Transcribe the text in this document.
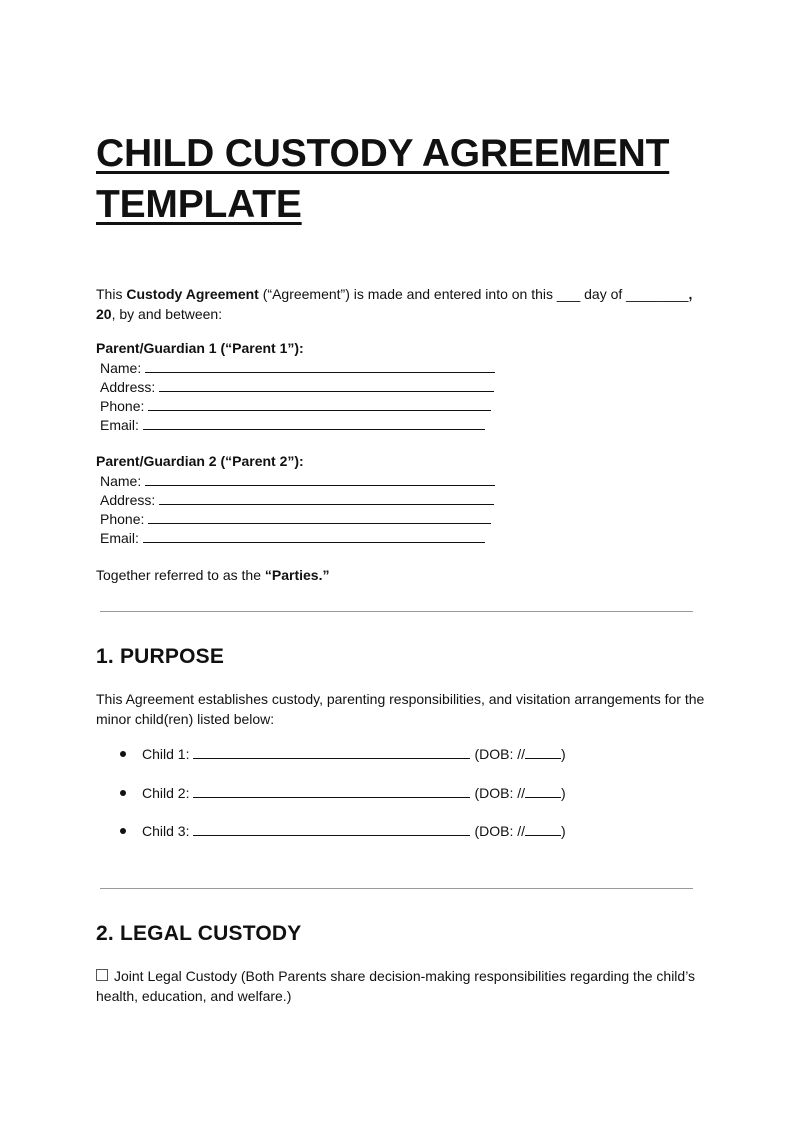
CHILD CUSTODY AGREEMENT
TEMPLATE
This Custody Agreement (“Agreement”) is made and entered into on this ___ day of ________, 20, by and between:
Parent/Guardian 1 (“Parent 1”):
Name:
Address:
Phone:
Email:
Parent/Guardian 2 (“Parent 2”):
Name:
Address:
Phone:
Email:
Together referred to as the “Parties.”
1. PURPOSE
This Agreement establishes custody, parenting responsibilities, and visitation arrangements for the minor child(ren) listed below:
Child 1:	(DOB: //	)
Child 2:	(DOB: //	)
Child 3:	(DOB: //	)
2. LEGAL CUSTODY
Joint Legal Custody (Both Parents share decision-making responsibilities regarding the child’s health, education, and welfare.)
